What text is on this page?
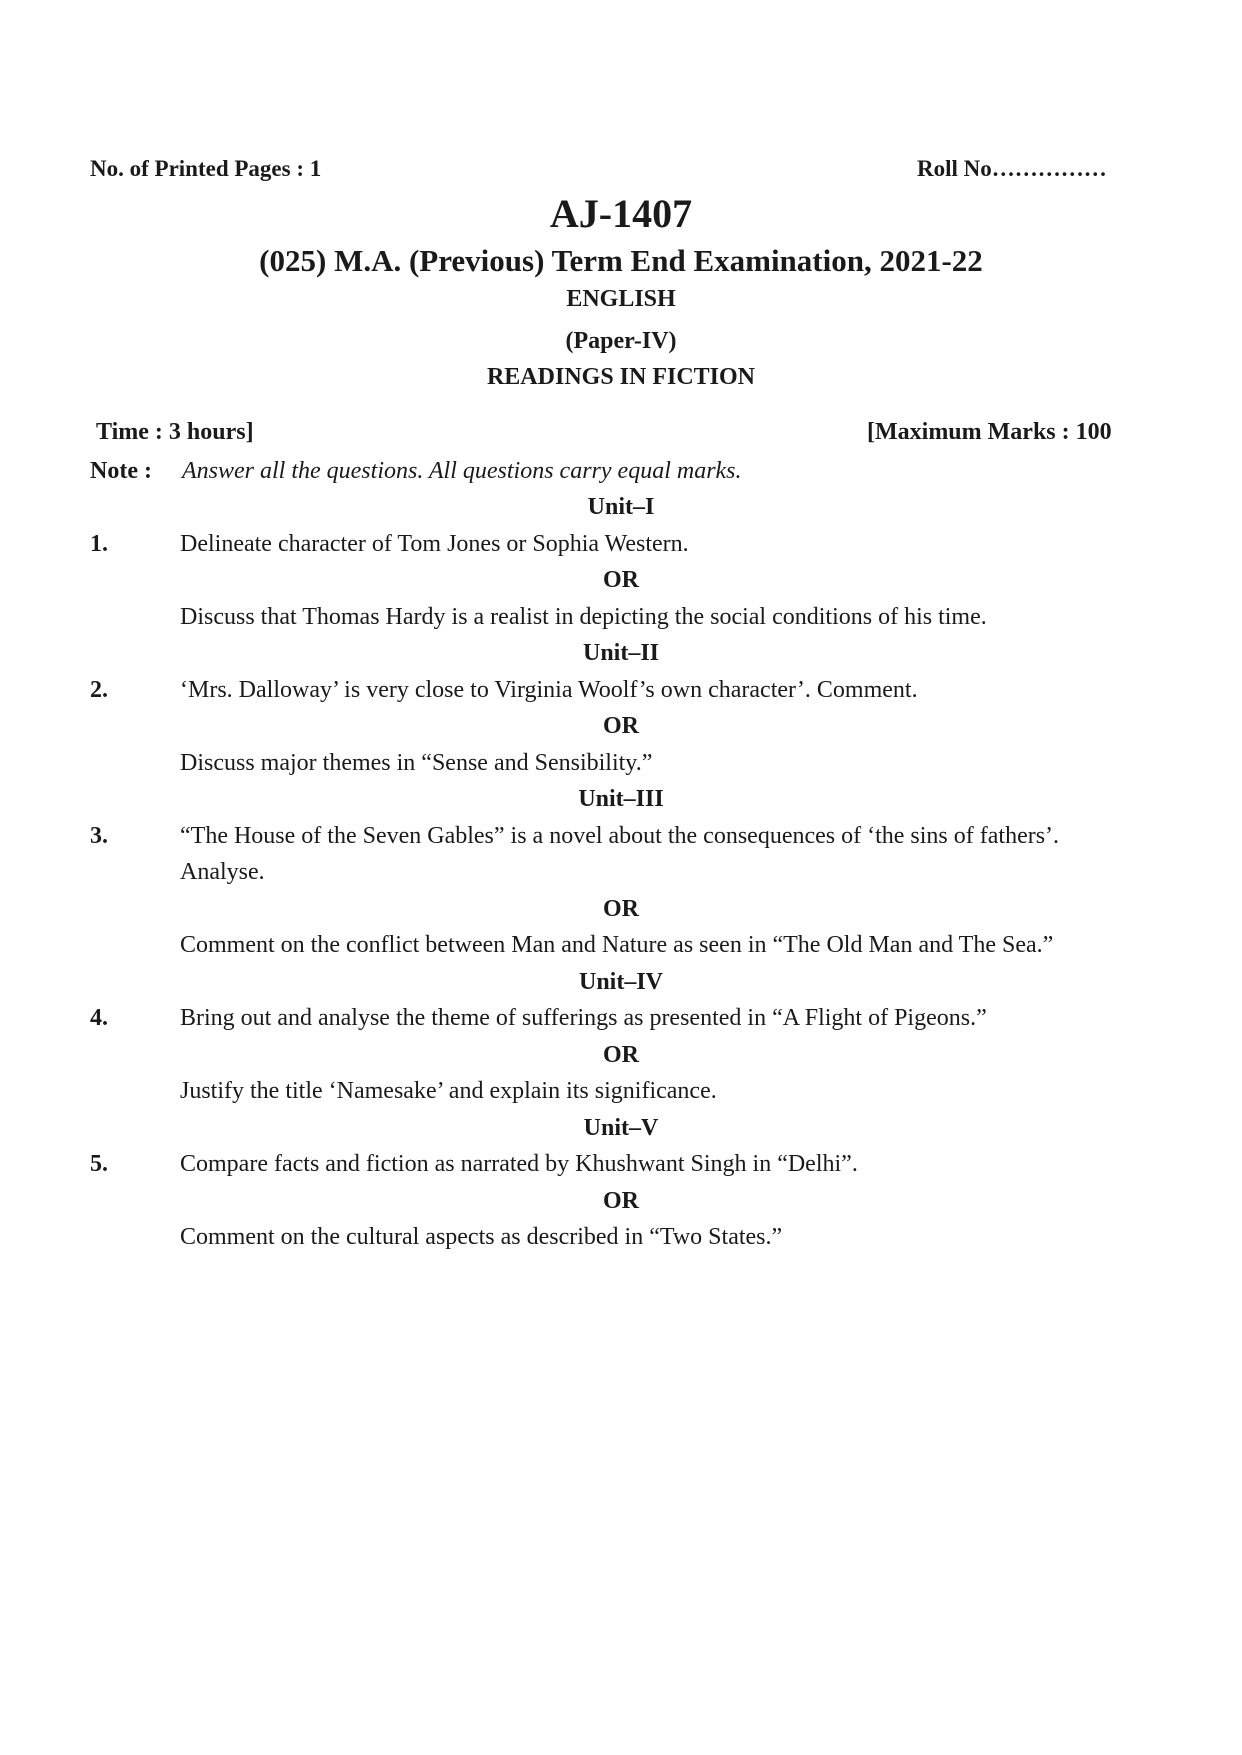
No. of Printed Pages : 1	Roll No……………
AJ-1407
(025) M.A. (Previous) Term End Examination, 2021-22
ENGLISH
(Paper-IV)
READINGS IN FICTION
Time : 3 hours]	[Maximum Marks : 100
Note : Answer all the questions. All questions carry equal marks.
Unit–I
1.	Delineate character of Tom Jones or Sophia Western.
OR
Discuss that Thomas Hardy is a realist in depicting the social conditions of his time.
Unit–II
2.	‘Mrs. Dalloway’ is very close to Virginia Woolf’s own character’. Comment.
OR
Discuss major themes in “Sense and Sensibility.”
Unit–III
3.	“The House of the Seven Gables” is a novel about the consequences of ‘the sins of fathers’.
Analyse.
OR
Comment on the conflict between Man and Nature as seen in “The Old Man and The Sea.”
Unit–IV
4.	Bring out and analyse the theme of sufferings as presented in “A Flight of Pigeons.”
OR
Justify the title ‘Namesake’ and explain its significance.
Unit–V
5.	Compare facts and fiction as narrated by Khushwant Singh in “Delhi”.
OR
Comment on the cultural aspects as described in “Two States.”
